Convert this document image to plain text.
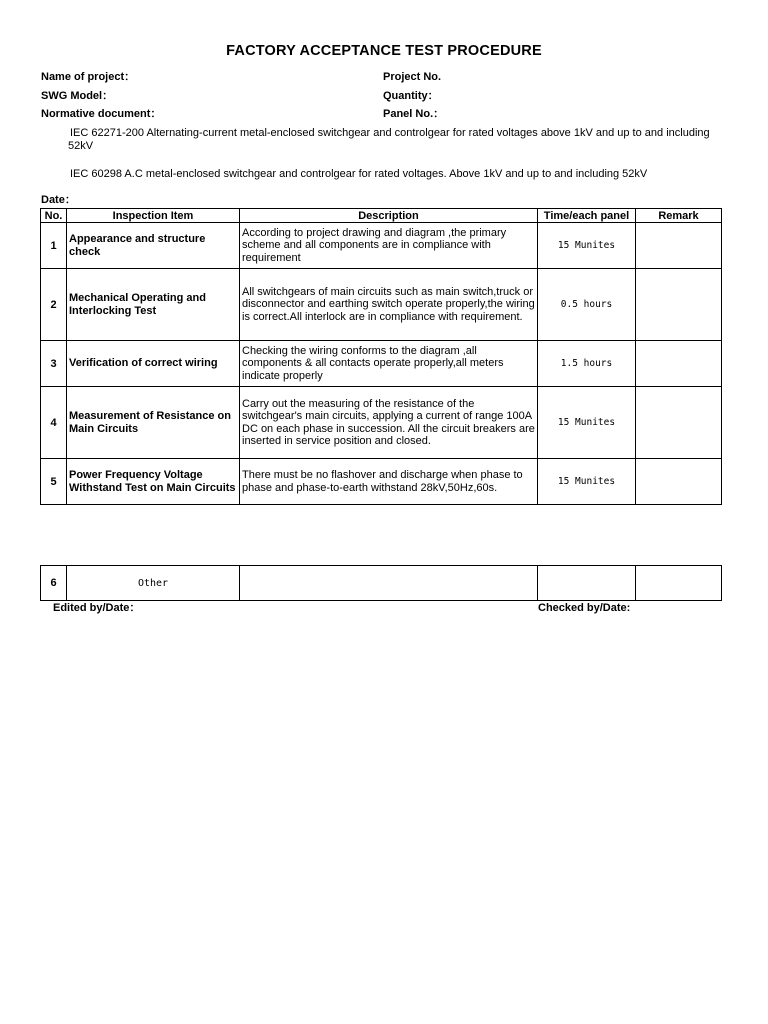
FACTORY ACCEPTANCE TEST PROCEDURE
Name of project：	Project No.
SWG Model：	Quantity：
Normative document：	Panel No.：
IEC 62271-200 Alternating-current metal-enclosed switchgear and controlgear for rated voltages above 1kV and up to and including 52kV
IEC 60298 A.C metal-enclosed switchgear and controlgear for rated voltages. Above 1kV and up to and including 52kV
Date：
No.	Inspection Item	Description	Time/each panel	Remark
1	Appearance and structure check	According to project drawing and diagram ,the primary scheme and all components are in compliance with requirement	15 Munites	
2	Mechanical Operating and Interlocking Test	All switchgears of main circuits such as main switch,truck or disconnector and earthing switch operate properly,the wiring is correct.All interlock are in compliance with requirement.	0.5 hours	
3	Verification of correct wiring	Checking the wiring conforms to the diagram ,all components & all contacts operate properly,all meters indicate properly	1.5 hours	
4	Measurement of Resistance on Main Circuits	Carry out the measuring of the resistance of the switchgear's main circuits, applying a current of range 100A DC on each phase in succession. All the circuit breakers are inserted in service position and closed.	15 Munites	
5	Power Frequency Voltage Withstand Test on Main Circuits	There must be no flashover and discharge when phase to phase and phase-to-earth withstand 28kV,50Hz,60s.	15 Munites	
6	Other			
Edited by/Date：	Checked by/Date:
